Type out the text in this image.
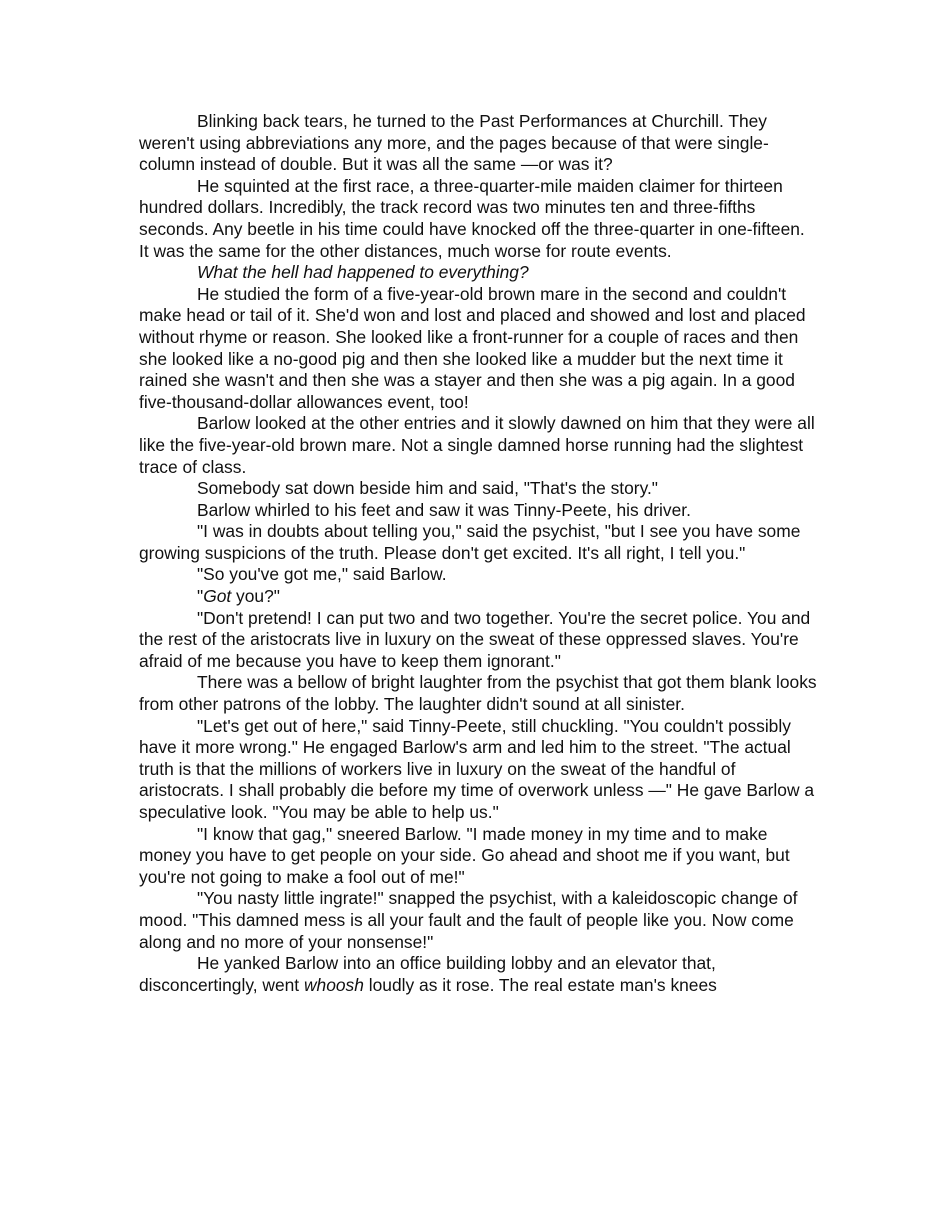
Blinking back tears, he turned to the Past Performances at Churchill. They weren't using abbreviations any more, and the pages because of that were single-column instead of double. But it was all the same —or was it?

He squinted at the first race, a three-quarter-mile maiden claimer for thirteen hundred dollars. Incredibly, the track record was two minutes ten and three-fifths seconds. Any beetle in his time could have knocked off the three-quarter in one-fifteen. It was the same for the other distances, much worse for route events.

What the hell had happened to everything?

He studied the form of a five-year-old brown mare in the second and couldn't make head or tail of it. She'd won and lost and placed and showed and lost and placed without rhyme or reason. She looked like a front-runner for a couple of races and then she looked like a no-good pig and then she looked like a mudder but the next time it rained she wasn't and then she was a stayer and then she was a pig again. In a good five-thousand-dollar allowances event, too!

Barlow looked at the other entries and it slowly dawned on him that they were all like the five-year-old brown mare. Not a single damned horse running had the slightest trace of class.

Somebody sat down beside him and said, "That's the story."

Barlow whirled to his feet and saw it was Tinny-Peete, his driver.

"I was in doubts about telling you," said the psychist, "but I see you have some growing suspicions of the truth. Please don't get excited. It's all right, I tell you."

"So you've got me," said Barlow.

"Got you?"

"Don't pretend! I can put two and two together. You're the secret police. You and the rest of the aristocrats live in luxury on the sweat of these oppressed slaves. You're afraid of me because you have to keep them ignorant."

There was a bellow of bright laughter from the psychist that got them blank looks from other patrons of the lobby. The laughter didn't sound at all sinister.

"Let's get out of here," said Tinny-Peete, still chuckling. "You couldn't possibly have it more wrong." He engaged Barlow's arm and led him to the street. "The actual truth is that the millions of workers live in luxury on the sweat of the handful of aristocrats. I shall probably die before my time of overwork unless —" He gave Barlow a speculative look. "You may be able to help us."

"I know that gag," sneered Barlow. "I made money in my time and to make money you have to get people on your side. Go ahead and shoot me if you want, but you're not going to make a fool out of me!"

"You nasty little ingrate!" snapped the psychist, with a kaleidoscopic change of mood. "This damned mess is all your fault and the fault of people like you. Now come along and no more of your nonsense!"

He yanked Barlow into an office building lobby and an elevator that, disconcertingly, went whoosh loudly as it rose. The real estate man's knees
